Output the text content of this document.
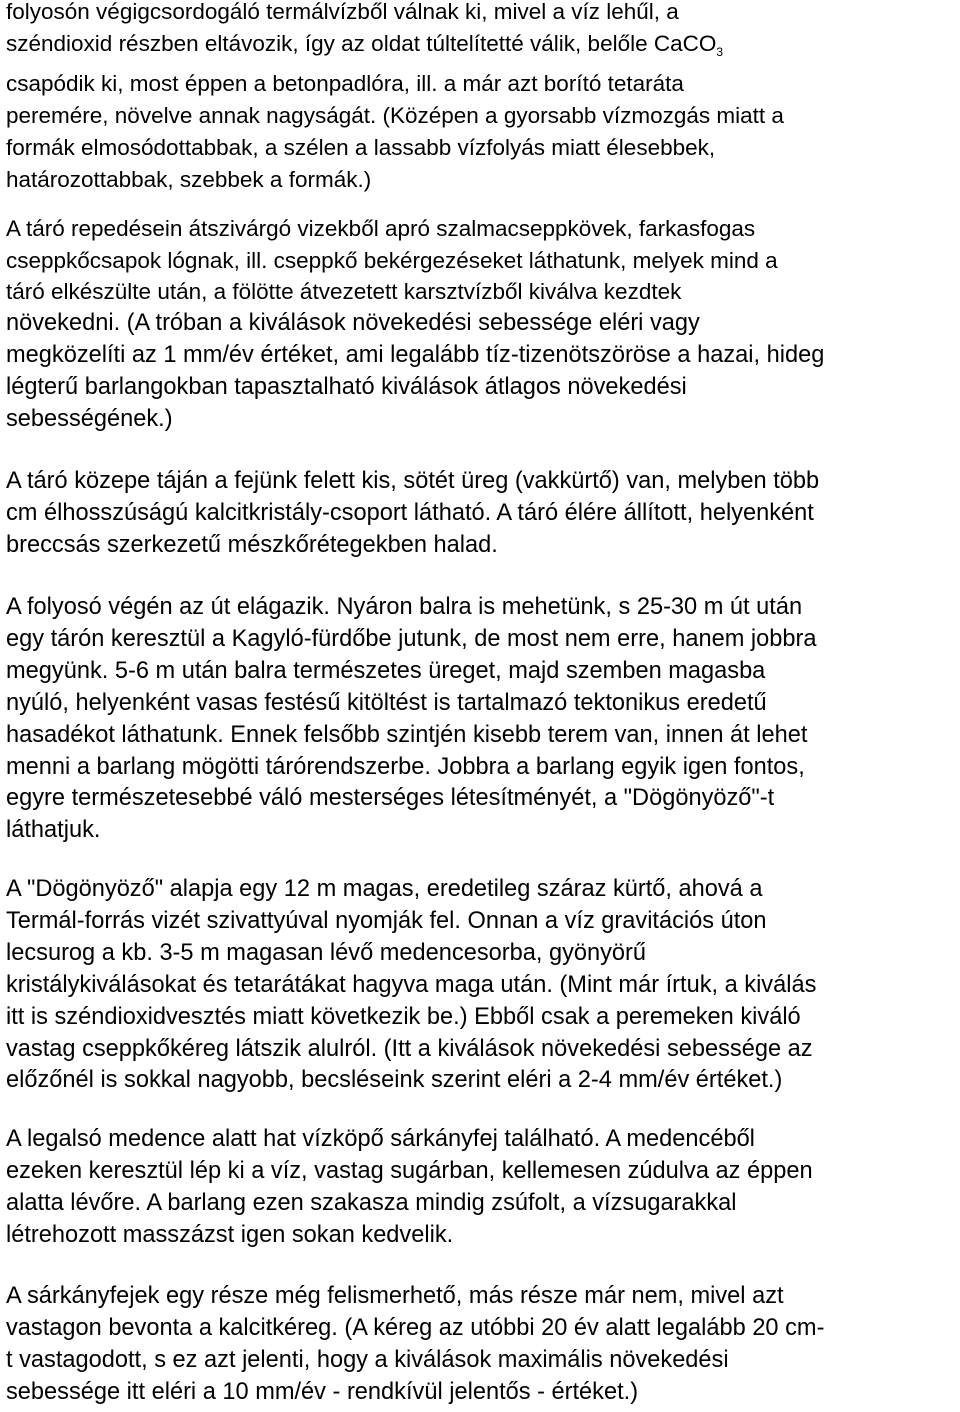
folyosón végigcsordogáló termálvízből válnak ki, mivel a víz lehűl, a
széndioxid részben eltávozik, így az oldat túltelítetté válik, belőle CaCO$_3$
csapódik ki, most éppen a betonpadlóra, ill. a már azt borító tetaráta
peremére, növelve annak nagyságát. (Középen a gyorsabb vízmozgás miatt a
formák elmosódottabbak, a szélen a lassabb vízfolyás miatt élesebbek,
határozottabbak, szebbek a formák.)

A táró repedésein átszivárgó vizekből apró szalmacseppkövek, farkasfogas
cseppkőcsapok lógnak, ill. cseppkő bekérgezéseket láthatunk, melyek mind a
táró elkészülte után, a fölötte átvezetett karsztvízből kiválva kezdtek
növekedni. (A tróban a kiválások növekedési sebessége eléri vagy
megközelíti az 1 mm/év értéket, ami legalább tíz-tizenötszöröse a hazai, hideg
légterű barlangokban tapasztalható kiválások átlagos növekedési
sebességének.)

A táró közepe táján a fejünk felett kis, sötét üreg (vakkürtő) van, melyben több
cm élhosszúságú kalcitkristály-csoport látható. A táró élére állított, helyenként
breccsás szerkezetű mészkőrétegekben halad.

A folyosó végén az út elágazik. Nyáron balra is mehetünk, s 25-30 m út után
egy tárón keresztül a Kagyló-fürdőbe jutunk, de most nem erre, hanem jobbra
megyünk. 5-6 m után balra természetes üreget, majd szemben magasba
nyúló, helyenként vasas festésű kitöltést is tartalmazó tektonikus eredetű
hasadékot láthatunk. Ennek felsőbb szintjén kisebb terem van, innen át lehet
menni a barlang mögötti tárórendszerbe. Jobbra a barlang egyik igen fontos,
egyre természetesebbé váló mesterséges létesítményét, a "Dögönyöző"-t
láthatjuk.

A "Dögönyöző" alapja egy 12 m magas, eredetileg száraz kürtő, ahová a
Termál-forrás vizét szivattyúval nyomják fel. Onnan a víz gravitációs úton
lecsurog a kb. 3-5 m magasan lévő medencesorba, gyönyörű
kristálykiválásokat és tetarátákat hagyva maga után. (Mint már írtuk, a kiválás
itt is széndioxidvesztés miatt következik be.) Ebből csak a peremeken kiváló
vastag cseppkőkéreg látszik alulról. (Itt a kiválások növekedési sebessége az
előzőnél is sokkal nagyobb, becsléseink szerint eléri a 2-4 mm/év értéket.)

A legalsó medence alatt hat vízköpő sárkányfej található. A medencéből
ezeken keresztül lép ki a víz, vastag sugárban, kellemesen zúdulva az éppen
alatta lévőre. A barlang ezen szakasza mindig zsúfolt, a vízsugarakkal
létrehozott masszázst igen sokan kedvelik.

A sárkányfejek egy része még felismerhető, más része már nem, mivel azt
vastagon bevonta a kalcitkéreg. (A kéreg az utóbbi 20 év alatt legalább 20 cm-
t vastagodott, s ez azt jelenti, hogy a kiválások maximális növekedési
sebessége itt eléri a 10 mm/év - rendkívül jelentős - értéket.)
